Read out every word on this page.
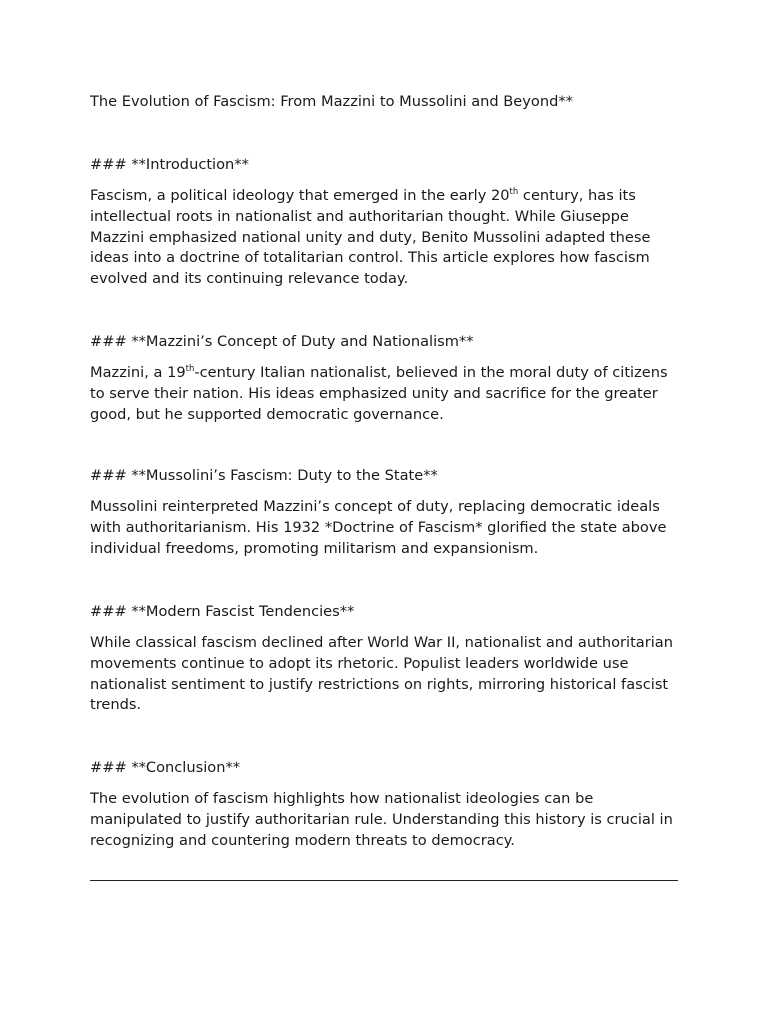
The Evolution of Fascism: From Mazzini to Mussolini and Beyond**
### **Introduction**

Fascism, a political ideology that emerged in the early 20th century, has its intellectual roots in nationalist and authoritarian thought. While Giuseppe Mazzini emphasized national unity and duty, Benito Mussolini adapted these ideas into a doctrine of totalitarian control. This article explores how fascism evolved and its continuing relevance today.

### **Mazzini’s Concept of Duty and Nationalism**

Mazzini, a 19th-century Italian nationalist, believed in the moral duty of citizens to serve their nation. His ideas emphasized unity and sacrifice for the greater good, but he supported democratic governance.

### **Mussolini’s Fascism: Duty to the State**

Mussolini reinterpreted Mazzini’s concept of duty, replacing democratic ideals with authoritarianism. His 1932 *Doctrine of Fascism* glorified the state above individual freedoms, promoting militarism and expansionism.

### **Modern Fascist Tendencies**

While classical fascism declined after World War II, nationalist and authoritarian movements continue to adopt its rhetoric. Populist leaders worldwide use nationalist sentiment to justify restrictions on rights, mirroring historical fascist trends.

### **Conclusion**

The evolution of fascism highlights how nationalist ideologies can be manipulated to justify authoritarian rule. Understanding this history is crucial in recognizing and countering modern threats to democracy.
